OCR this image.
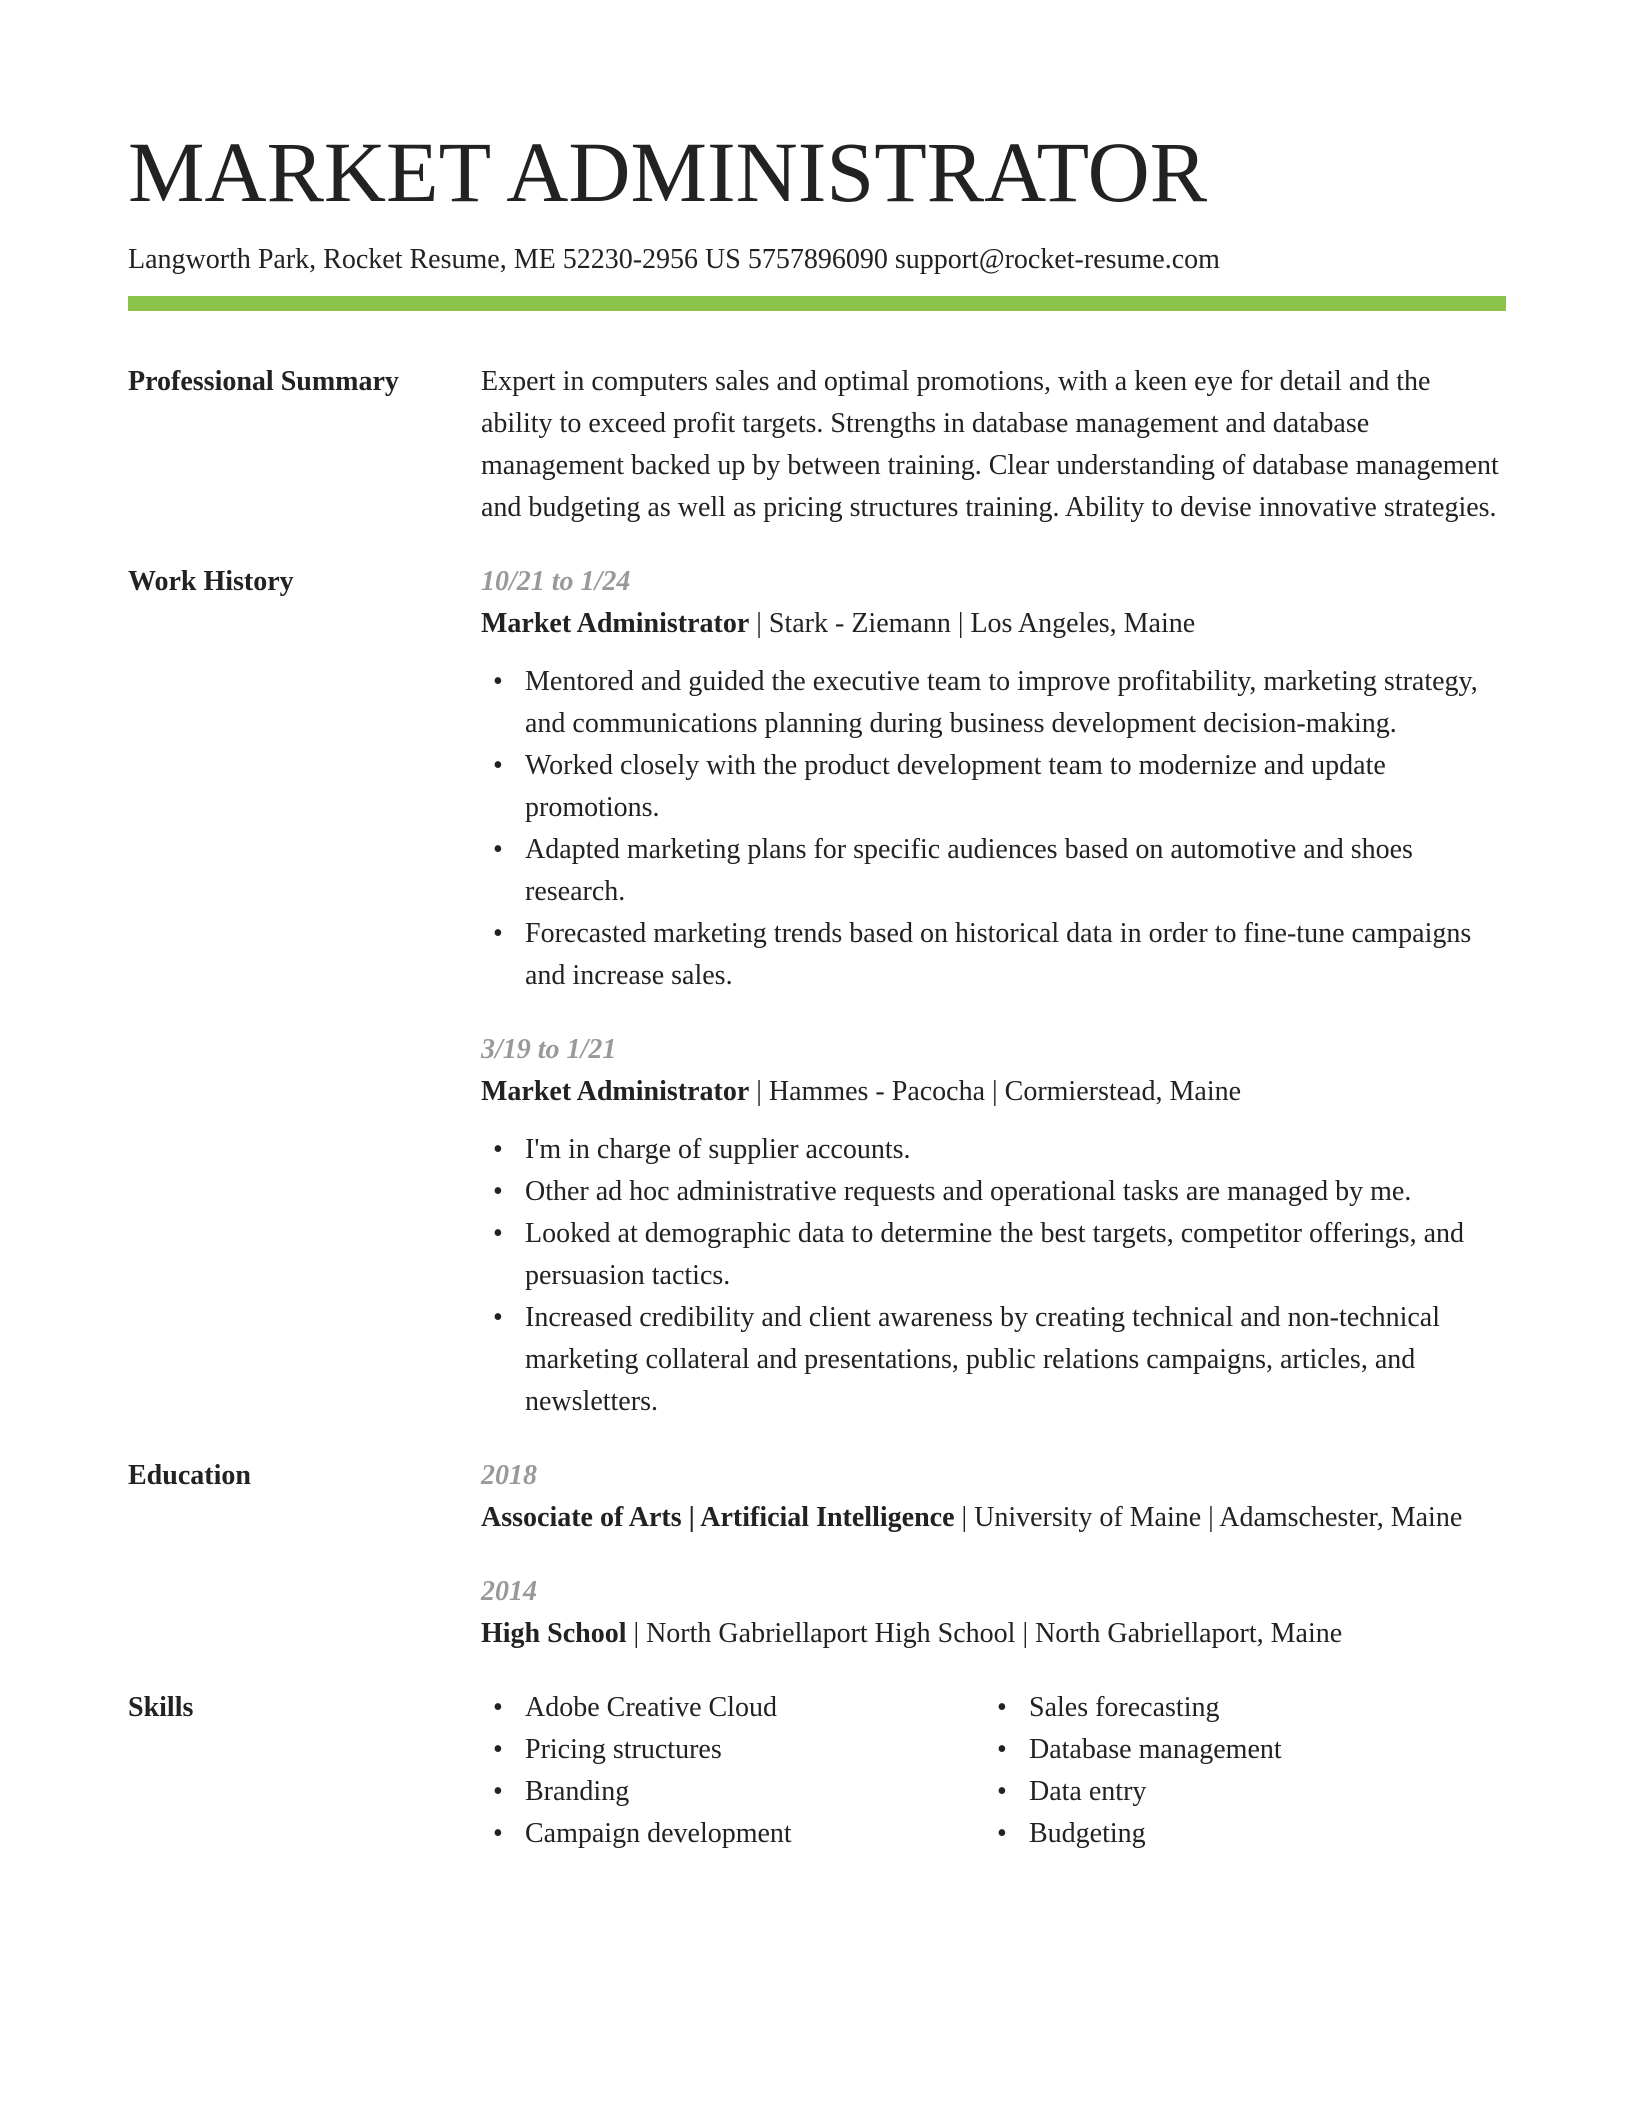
MARKET ADMINISTRATOR
Langworth Park, Rocket Resume, ME 52230-2956 US 5757896090 support@rocket-resume.com
Professional Summary	Expert in computers sales and optimal promotions, with a keen eye for detail and the ability to exceed profit targets. Strengths in database management and database management backed up by between training. Clear understanding of database management and budgeting as well as pricing structures training. Ability to devise innovative strategies.
Work History	10/21 to 1/24
Market Administrator | Stark - Ziemann | Los Angeles, Maine
• Mentored and guided the executive team to improve profitability, marketing strategy, and communications planning during business development decision-making.
• Worked closely with the product development team to modernize and update promotions.
• Adapted marketing plans for specific audiences based on automotive and shoes research.
• Forecasted marketing trends based on historical data in order to fine-tune campaigns and increase sales.
3/19 to 1/21
Market Administrator | Hammes - Pacocha | Cormierstead, Maine
• I'm in charge of supplier accounts.
• Other ad hoc administrative requests and operational tasks are managed by me.
• Looked at demographic data to determine the best targets, competitor offerings, and persuasion tactics.
• Increased credibility and client awareness by creating technical and non-technical marketing collateral and presentations, public relations campaigns, articles, and newsletters.
Education	2018
Associate of Arts | Artificial Intelligence | University of Maine | Adamschester, Maine
2014
High School | North Gabriellaport High School | North Gabriellaport, Maine
Skills
•	Adobe Creative Cloud
• Pricing structures
• Branding
• Campaign development
• Sales forecasting
• Database management
• Data entry
• Budgeting
